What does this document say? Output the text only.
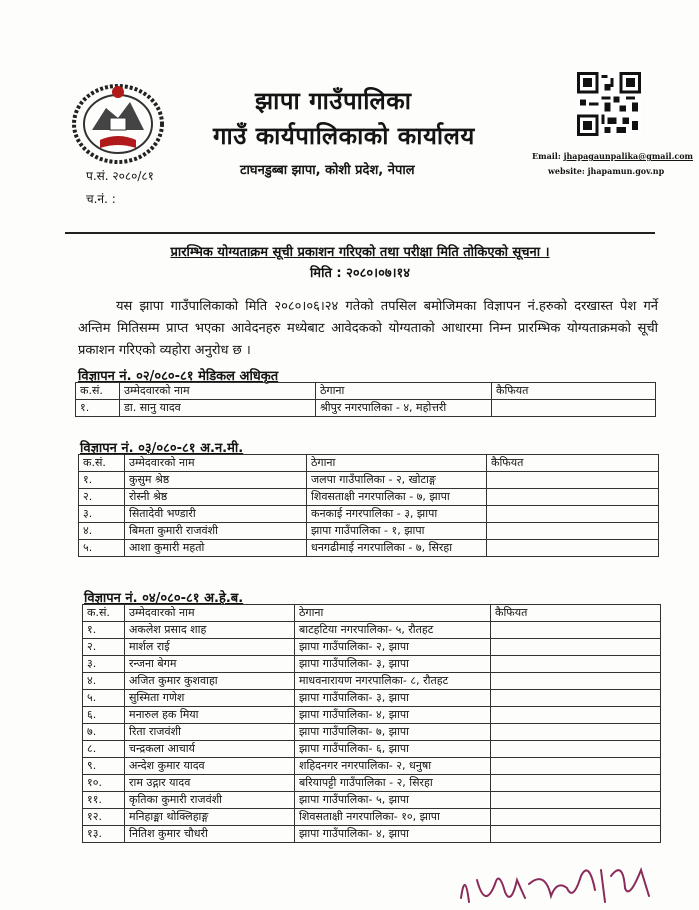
झापा गाउँपालिका
गाउँ कार्यपालिकाको कार्यालय
टाघनडुब्बा झापा, कोशी प्रदेश, नेपाल
प.सं. २०८०/८१
च.नं. :
Email: jhapagaunpalika@gmail.com
website: jhapamun.gov.np
प्रारम्भिक योग्यताक्रम सूची प्रकाशन गरिएको तथा परीक्षा मिति तोकिएको सूचना ।
मिति : २०८०।०७।१४
यस झापा गाउँपालिकाको मिति २०८०।०६।२४ गतेको तपसिल बमोजिमका विज्ञापन नं.हरुको दरखास्त पेश गर्ने अन्तिम मितिसम्म प्राप्त भएका आवेदनहरु मध्येबाट आवेदकको योग्यताको आधारमा निम्न प्रारम्भिक योग्यताक्रमको सूची प्रकाशन गरिएको व्यहोरा अनुरोध छ ।
विज्ञापन नं. ०२/०८०-८१ मेडिकल अधिकृत
क.सं.	उम्मेदवारको नाम	ठेगाना	कैफियत
१.	डा. सानु यादव	श्रीपुर नगरपालिका - ४, महोत्तरी	
विज्ञापन नं. ०३/०८०-८१ अ.न.मी.
क.सं.	उम्मेदवारको नाम	ठेगाना	कैफियत
१.	कुसुम श्रेष्ठ	जलपा गाउँपालिका - २, खोटाङ्ग	
२.	रोस्नी श्रेष्ठ	शिवसताक्षी नगरपालिका - ७, झापा	
३.	सितादेवी भण्डारी	कनकाई नगरपालिका - ३, झापा	
४.	बिमता कुमारी राजवंशी	झापा गाउँपालिका - १, झापा	
५.	आशा कुमारी महतो	धनगढीमाई नगरपालिका - ७, सिरहा	
विज्ञापन नं. ०४/०८०-८१ अ.हे.ब.
क.सं.	उम्मेदवारको नाम	ठेगाना	कैफियत
१.	अकलेश प्रसाद शाह	बाटहटिया नगरपालिका- ५, रौतहट	
२.	मार्शल राई	झापा गाउँपालिका- २, झापा	
३.	रन्जना बेगम	झापा गाउँपालिका- ३, झापा	
४.	अजित कुमार कुशवाहा	माधवनारायण नगरपालिका- ८, रौतहट	
५.	सुस्मिता गणेश	झापा गाउँपालिका- ३, झापा	
६.	मनारुल हक मिया	झापा गाउँपालिका- ४, झापा	
७.	रिता राजवंशी	झापा गाउँपालिका- ७, झापा	
८.	चन्द्रकला आचार्य	झापा गाउँपालिका- ६, झापा	
९.	अन्देश कुमार यादव	शहिदनगर नगरपालिका- २, धनुषा	
१०.	राम उद्गार यादव	बरियापट्टी गाउँपालिका - २, सिरहा	
११.	कृतिका कुमारी राजवंशी	झापा गाउँपालिका- ५, झापा	
१२.	मनिहाङ्मा थोक्लिहाङ्ग	शिवसताक्षी नगरपालिका- १०, झापा	
१३.	नितिश कुमार चौधरी	झापा गाउँपालिका- ४, झापा	
